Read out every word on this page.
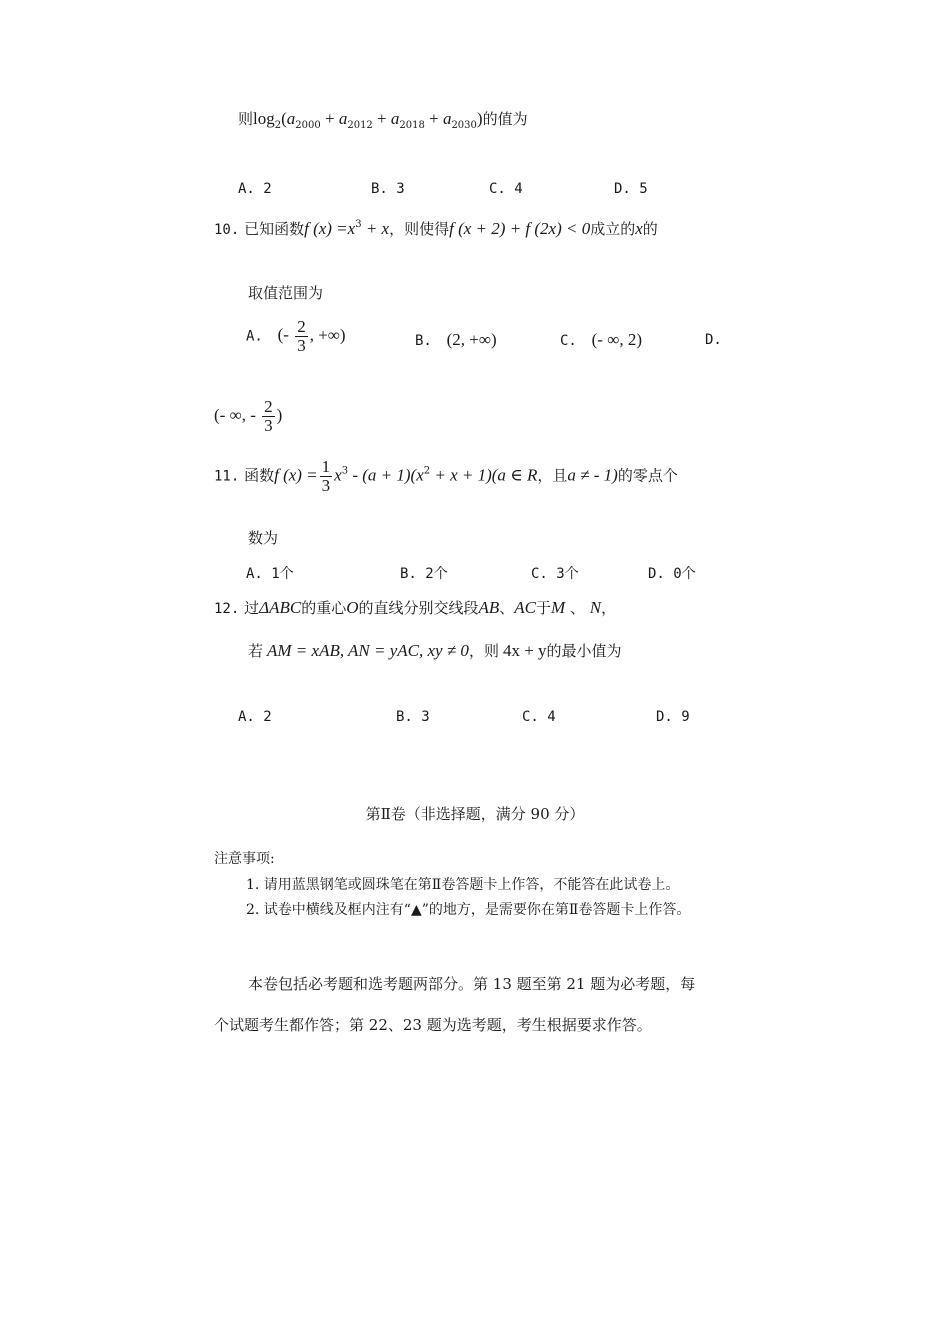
则$\log_2(a_{2000} + a_{2012} + a_{2018} + a_{2030})$的值为
A. 2	B. 3	C. 4	D. 5
10. 已知函数f $(x) =x^3 + x$，则使得f (x + 2) + f (2x) < 0成立的x的
取值范围为
A. (- $\frac{2}{3}$ , +∞)	B. (2, +∞)	C. (- ∞, 2)	D.
(- ∞, - $\frac{2}{3}$ )
11. 函数f $(x) = \frac{1}{3} x^3 - (a + 1)(x^2 + x + 1)(a$ ∈ R，且a ≠ - 1)的零点个
数为
A. 1个	B. 2个	C. 3个	D. 0个
12. 过ΔABC的重心O的直线分别交线段AB、AC于M 、 N，
若 AM = xAB, AN = yAC, xy ≠ 0，则 4x + y的最小值为
A. 2	B. 3	C. 4	D. 9
第Ⅱ卷（非选择题，满分 90 分）
注意事项:
1. 请用蓝黑钢笔或圆珠笔在第Ⅱ卷答题卡上作答，不能答在此试卷上。
2. 试卷中横线及框内注有“▲”的地方，是需要你在第Ⅱ卷答题卡上作答。
本卷包括必考题和选考题两部分。第 13 题至第 21 题为必考题，每
个试题考生都作答；第 22、23 题为选考题，考生根据要求作答。
